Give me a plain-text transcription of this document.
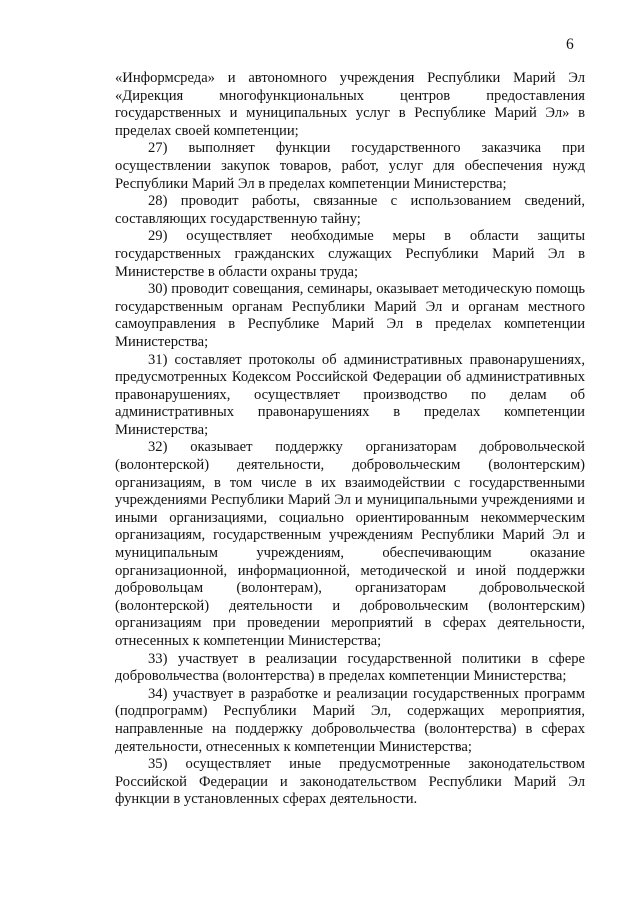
6

«Информсреда» и автономного учреждения Республики Марий Эл «Дирекция многофункциональных центров предоставления государственных и муниципальных услуг в Республике Марий Эл» в пределах своей компетенции;

27) выполняет функции государственного заказчика при осуществлении закупок товаров, работ, услуг для обеспечения нужд Республики Марий Эл в пределах компетенции Министерства;

28) проводит работы, связанные с использованием сведений, составляющих государственную тайну;

29) осуществляет необходимые меры в области защиты государственных гражданских служащих Республики Марий Эл в Министерстве в области охраны труда;

30) проводит совещания, семинары, оказывает методическую помощь государственным органам Республики Марий Эл и органам местного самоуправления в Республике Марий Эл в пределах компетенции Министерства;

31) составляет протоколы об административных правонарушениях, предусмотренных Кодексом Российской Федерации об административных правонарушениях, осуществляет производство по делам об административных правонарушениях в пределах компетенции Министерства;

32) оказывает поддержку организаторам добровольческой (волонтерской) деятельности, добровольческим (волонтерским) организациям, в том числе в их взаимодействии с государственными учреждениями Республики Марий Эл и муниципальными учреждениями и иными организациями, социально ориентированным некоммерческим организациям, государственным учреждениям Республики Марий Эл и муниципальным учреждениям, обеспечивающим оказание организационной, информационной, методической и иной поддержки добровольцам (волонтерам), организаторам добровольческой (волонтерской) деятельности и добровольческим (волонтерским) организациям при проведении мероприятий в сферах деятельности, отнесенных к компетенции Министерства;

33) участвует в реализации государственной политики в сфере добровольчества (волонтерства) в пределах компетенции Министерства;

34) участвует в разработке и реализации государственных программ (подпрограмм) Республики Марий Эл, содержащих мероприятия, направленные на поддержку добровольчества (волонтерства) в сферах деятельности, отнесенных к компетенции Министерства;

35) осуществляет иные предусмотренные законодательством Российской Федерации и законодательством Республики Марий Эл функции в установленных сферах деятельности.
